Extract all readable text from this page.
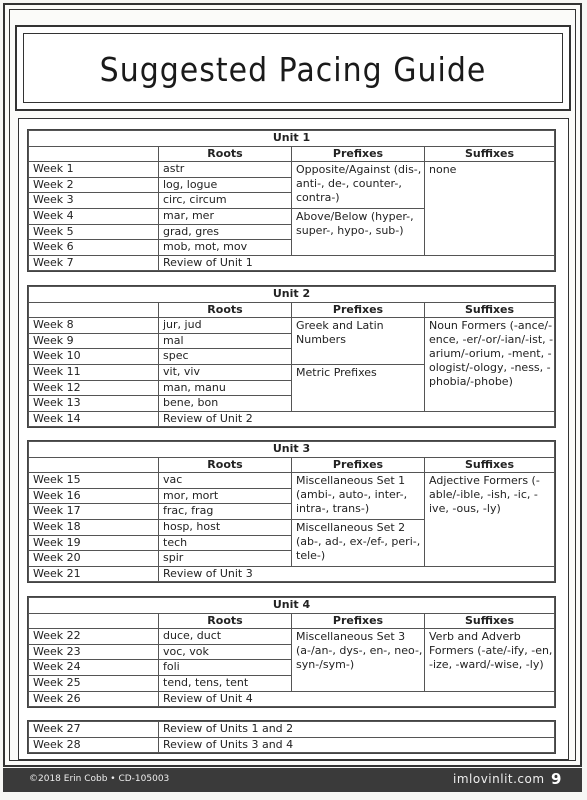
Suggested Pacing Guide
Unit 1			
	Roots	Prefixes	Suffixes
Week 1	astr	Opposite/Against (dis-, anti-, de-, counter-, contra-)	none
Week 2	log, logue		
Week 3	circ, circum		
Week 4	mar, mer	Above/Below (hyper-, super-, hypo-, sub-)	
Week 5	grad, gres		
Week 6	mob, mot, mov		
Week 7	Review of Unit 1		
Unit 2			
	Roots	Prefixes	Suffixes
Week 8	jur, jud	Greek and Latin Numbers	Noun Formers (-ance/-ence, -er/-or/-ian/-ist, -arium/-orium, -ment, -ologist/-ology, -ness, -phobia/-phobe)
Week 9	mal		
Week 10	spec		
Week 11	vit, viv	Metric Prefixes	
Week 12	man, manu		
Week 13	bene, bon		
Week 14	Review of Unit 2		
Unit 3			
	Roots	Prefixes	Suffixes
Week 15	vac	Miscellaneous Set 1 (ambi-, auto-, inter-, intra-, trans-)	Adjective Formers (-able/-ible, -ish, -ic, -ive, -ous, -ly)
Week 16	mor, mort		
Week 17	frac, frag		
Week 18	hosp, host	Miscellaneous Set 2 (ab-, ad-, ex-/ef-, peri-, tele-)	
Week 19	tech		
Week 20	spir		
Week 21	Review of Unit 3		
Unit 4			
	Roots	Prefixes	Suffixes
Week 22	duce, duct	Miscellaneous Set 3 (a-/an-, dys-, en-, neo-, syn-/sym-)	Verb and Adverb Formers (-ate/-ify, -en, -ize, -ward/-wise, -ly)
Week 23	voc, vok		
Week 24	foli		
Week 25	tend, tens, tent		
Week 26	Review of Unit 4		
Week 27	Review of Units 1 and 2
Week 28	Review of Units 3 and 4
©2018 Erin Cobb • CD-105003	imlovinlit.com 9
